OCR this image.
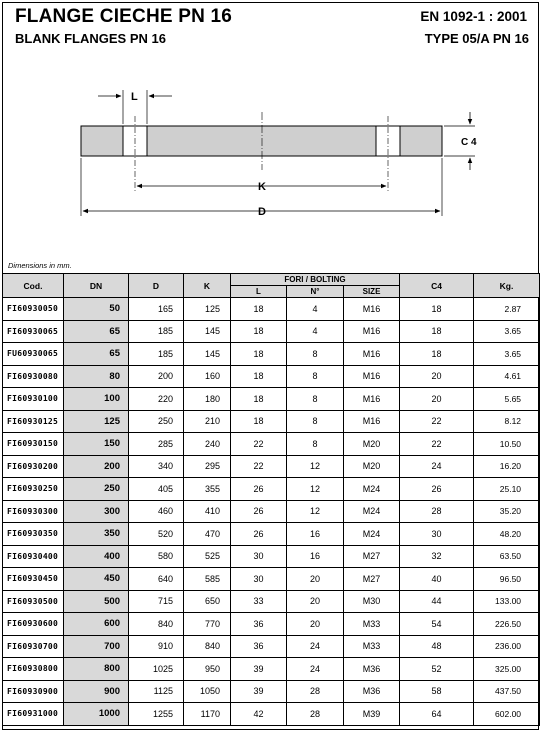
FLANGE CIECHE PN 16
BLANK FLANGES PN 16
EN 1092-1 : 2001
TYPE 05/A PN 16
L
K
D
C 4
Dimensions in mm.
Cod.	DN	D	K	FORI / BOLTING			C4	Kg.
				L	N°	SIZE		
FI60930050	50	165	125	18	4	M16	18	2.87
FI60930065	65	185	145	18	4	M16	18	3.65
FU60930065	65	185	145	18	8	M16	18	3.65
FI60930080	80	200	160	18	8	M16	20	4.61
FI60930100	100	220	180	18	8	M16	20	5.65
FI60930125	125	250	210	18	8	M16	22	8.12
FI60930150	150	285	240	22	8	M20	22	10.50
FI60930200	200	340	295	22	12	M20	24	16.20
FI60930250	250	405	355	26	12	M24	26	25.10
FI60930300	300	460	410	26	12	M24	28	35.20
FI60930350	350	520	470	26	16	M24	30	48.20
FI60930400	400	580	525	30	16	M27	32	63.50
FI60930450	450	640	585	30	20	M27	40	96.50
FI60930500	500	715	650	33	20	M30	44	133.00
FI60930600	600	840	770	36	20	M33	54	226.50
FI60930700	700	910	840	36	24	M33	48	236.00
FI60930800	800	1025	950	39	24	M36	52	325.00
FI60930900	900	1125	1050	39	28	M36	58	437.50
FI60931000	1000	1255	1170	42	28	M39	64	602.00
